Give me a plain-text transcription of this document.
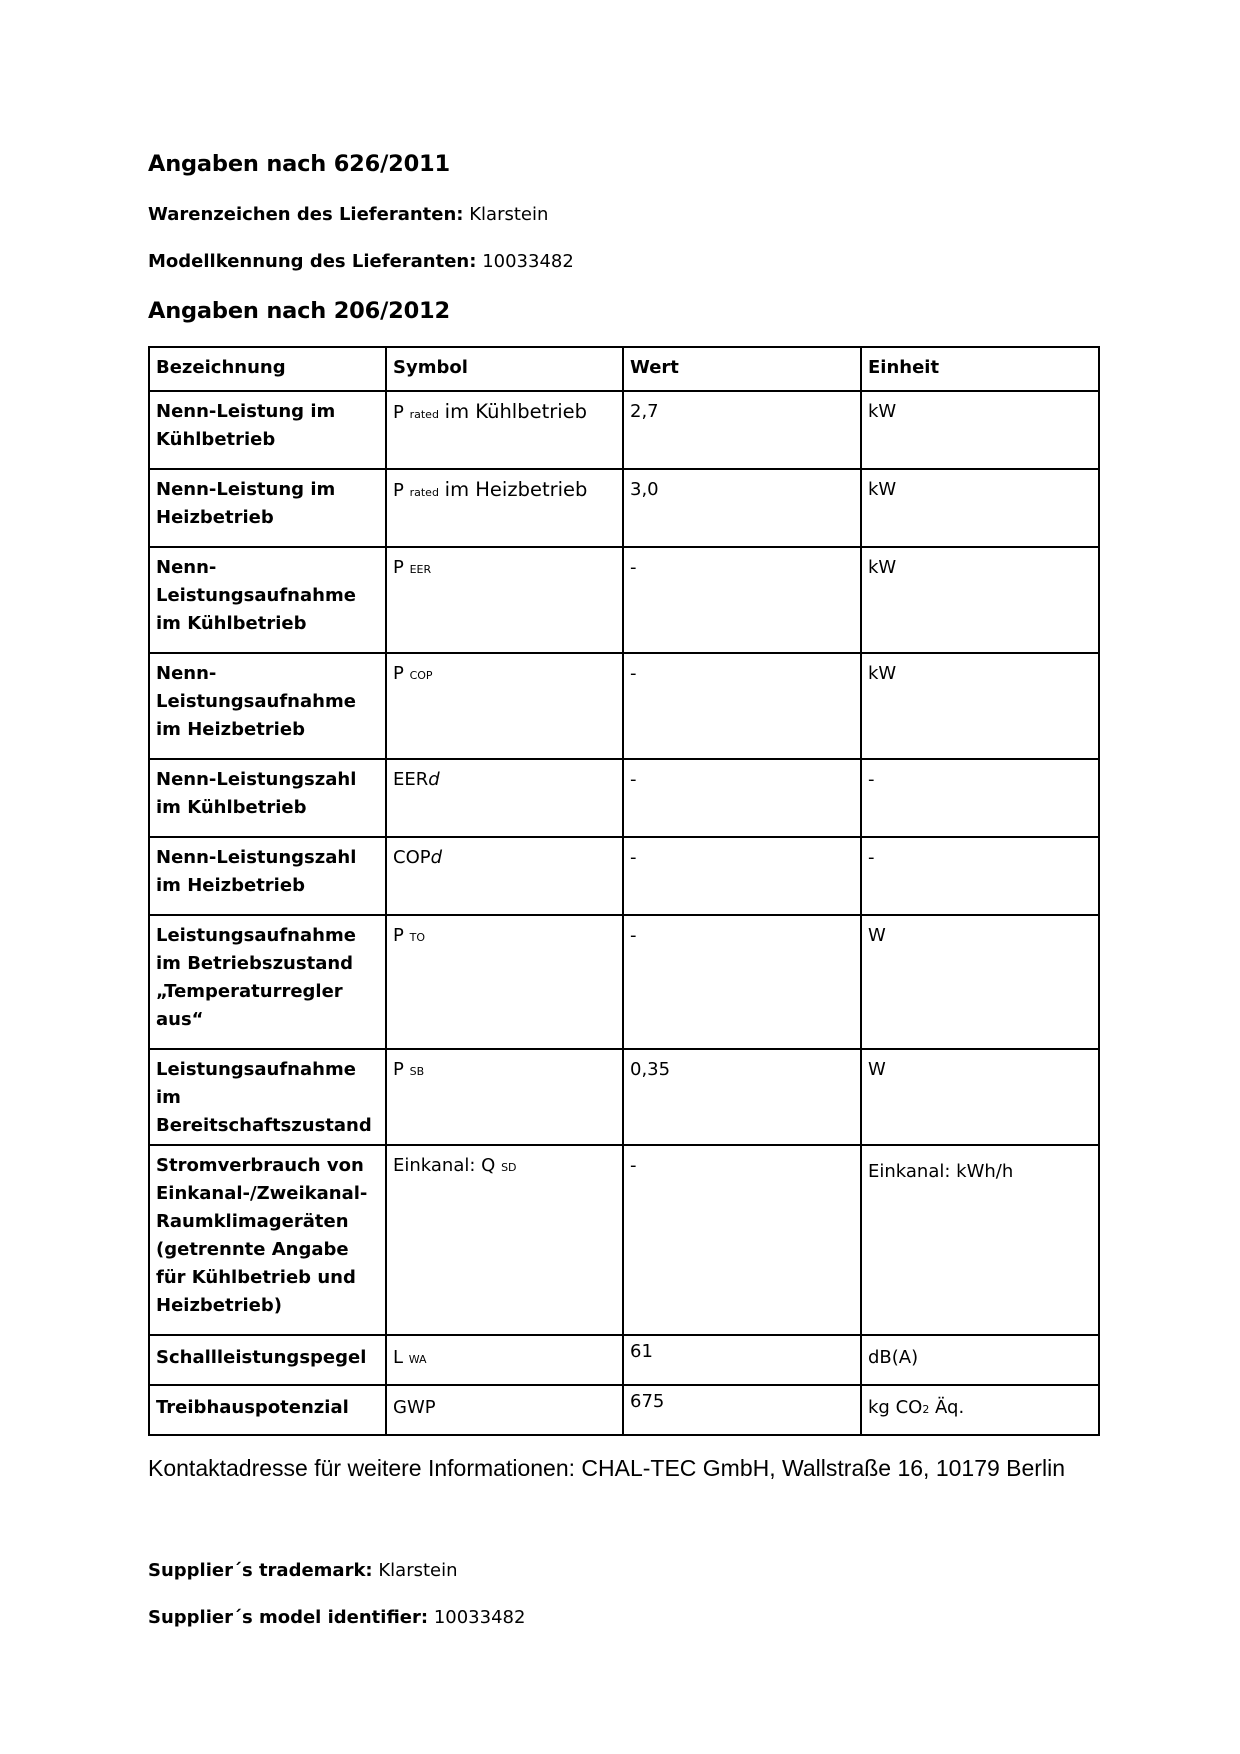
Angaben nach 626/2011
Warenzeichen des Lieferanten: Klarstein
Modellkennung des Lieferanten: 10033482
Angaben nach 206/2012
Bezeichnung	Symbol	Wert	Einheit
Nenn-Leistung im Kühlbetrieb	P rated im Kühlbetrieb	2,7	kW
Nenn-Leistung im Heizbetrieb	P rated im Heizbetrieb	3,0	kW
Nenn-Leistungsaufnahme im Kühlbetrieb	P EER	-	kW
Nenn-Leistungsaufnahme im Heizbetrieb	P COP	-	kW
Nenn-Leistungszahl im Kühlbetrieb	EERd	-	-
Nenn-Leistungszahl im Heizbetrieb	COPd	-	-
Leistungsaufnahme im Betriebszustand „Temperaturregler aus“	P TO	-	W
Leistungsaufnahme im Bereitschaftszustand	P SB	0,35	W
Stromverbrauch von Einkanal-/Zweikanal-Raumklimageräten (getrennte Angabe für Kühlbetrieb und Heizbetrieb)	Einkanal: Q SD	-	Einkanal: kWh/h
Schallleistungspegel	L WA	61	dB(A)
Treibhauspotenzial	GWP	675	kg CO2 Äq.
Kontaktadresse für weitere Informationen: CHAL-TEC GmbH, Wallstraße 16, 10179 Berlin
Supplier´s trademark: Klarstein
Supplier´s model identifier: 10033482
